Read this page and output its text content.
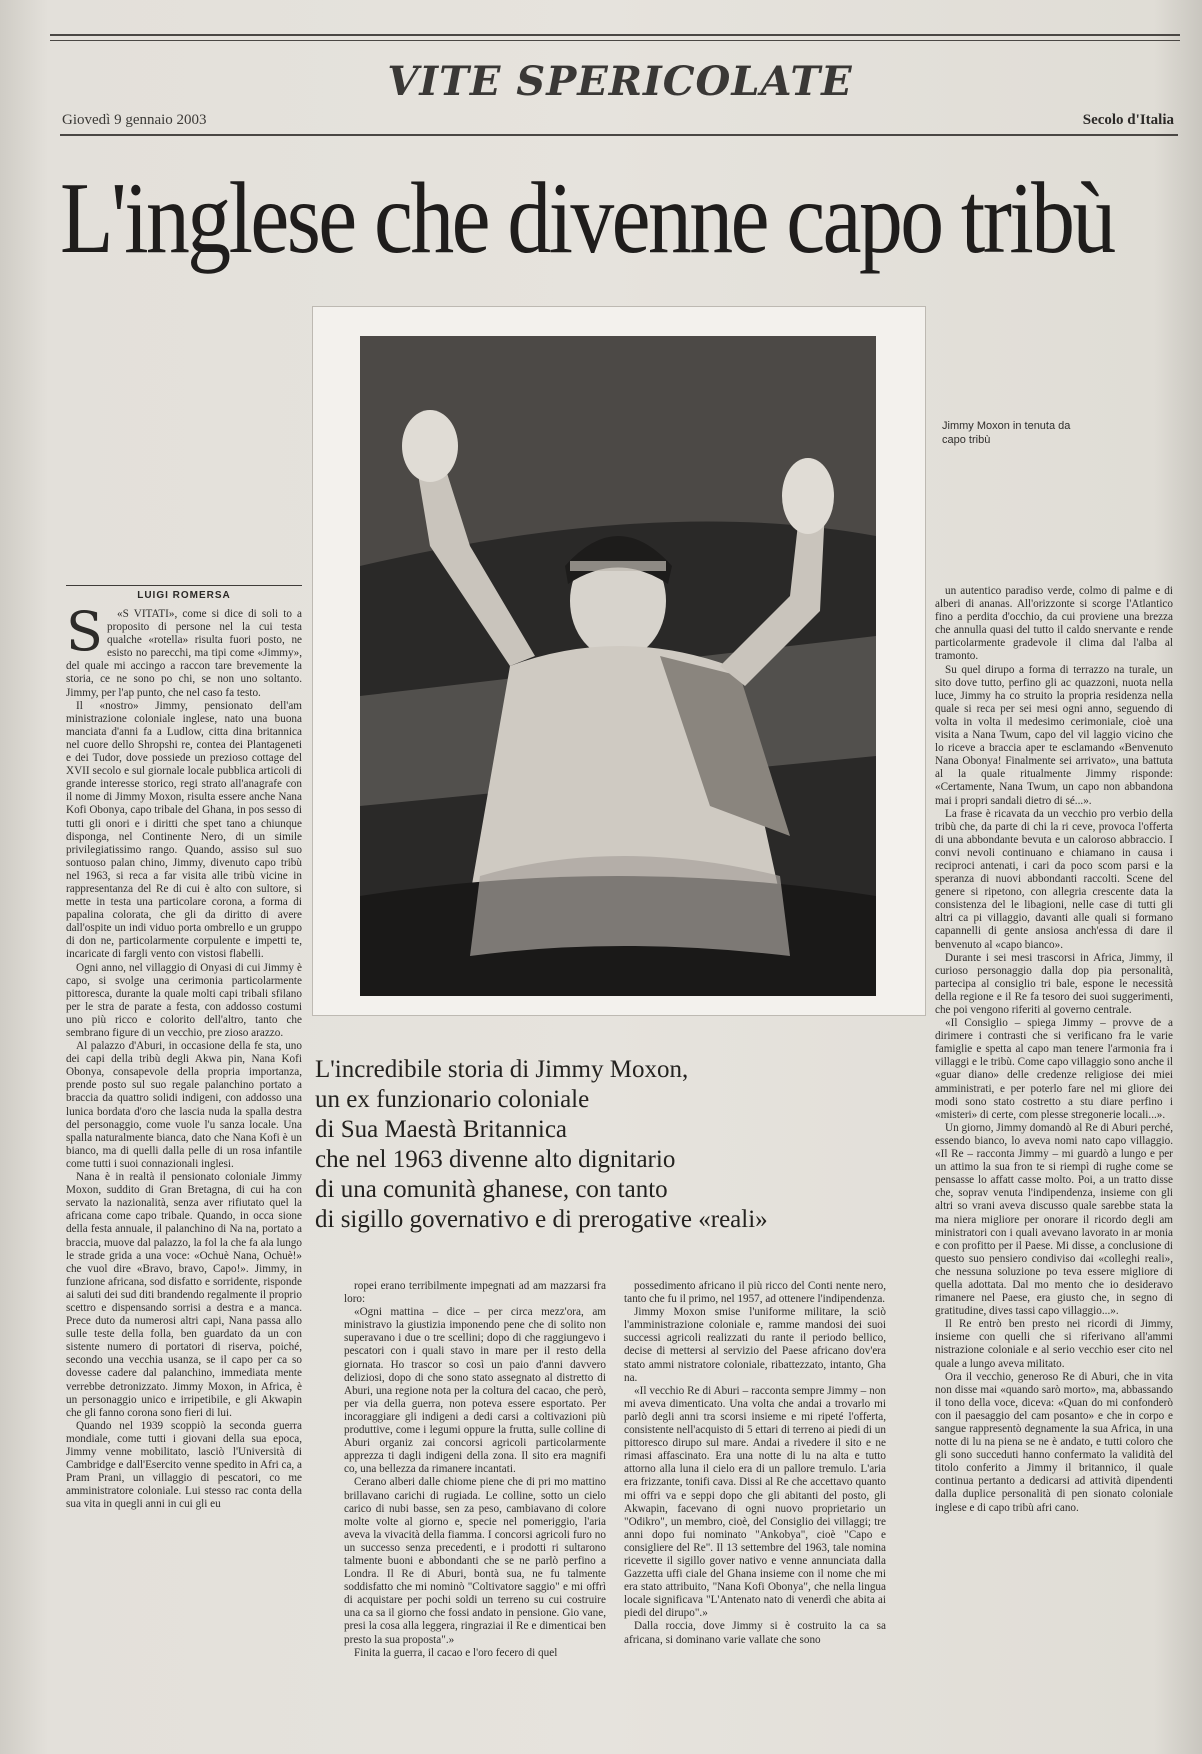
VITE SPERICOLATE
Giovedì 9 gennaio 2003	Secolo d'Italia
L'inglese che divenne capo tribù
Jimmy Moxon in tenuta da capo tribù
LUIGI ROMERSA
S	«S VITATI», come si dice di soli to a proposito di persone nel la cui testa qualche «rotella» risulta fuori posto, ne esisto no parecchi, ma tipi come «Jimmy», del quale mi accingo a raccon tare brevemente la storia, ce ne sono po chi, se non uno soltanto. Jimmy, per l'ap punto, che nel caso fa testo.

Il «nostro» Jimmy, pensionato dell'am ministrazione coloniale inglese, nato una buona manciata d'anni fa a Ludlow, citta dina britannica nel cuore dello Shropshi re, contea dei Plantageneti e dei Tudor, dove possiede un prezioso cottage del XVII secolo e sul giornale locale pubblica articoli di grande interesse storico, regi strato all'anagrafe con il nome di Jimmy Moxon, risulta essere anche Nana Kofi Obonya, capo tribale del Ghana, in pos sesso di tutti gli onori e i diritti che spet tano a chiunque disponga, nel Continente Nero, di un simile privilegiatissimo rango. Quando, assiso sul suo sontuoso palan chino, Jimmy, divenuto capo tribù nel 1963, si reca a far visita alle tribù vicine in rappresentanza del Re di cui è alto con sultore, si mette in testa una particolare corona, a forma di papalina colorata, che gli da diritto di avere dall'ospite un indi viduo porta ombrello e un gruppo di don ne, particolarmente corpulente e impetti te, incaricate di fargli vento con vistosi flabelli.

Ogni anno, nel villaggio di Onyasi di cui Jimmy è capo, si svolge una cerimonia particolarmente pittoresca, durante la quale molti capi tribali sfilano per le stra de parate a festa, con addosso costumi uno più ricco e colorito dell'altro, tanto che sembrano figure di un vecchio, pre zioso arazzo.

Al palazzo d'Aburi, in occasione della fe sta, uno dei capi della tribù degli Akwa pin, Nana Kofi Obonya, consapevole della propria importanza, prende posto sul suo regale palanchino portato a braccia da quattro solidi indigeni, con addosso una lunica bordata d'oro che lascia nuda la spalla destra del personaggio, come vuole l'u sanza locale. Una spalla naturalmente bianca, dato che Nana Kofi è un bianco, ma di quelli dalla pelle di un rosa infantile come tutti i suoi connazionali inglesi.

Nana è in realtà il pensionato coloniale Jimmy Moxon, suddito di Gran Bretagna, di cui ha con servato la nazionalità, senza aver rifiutato quel la africana come capo tribale. Quando, in occa sione della festa annuale, il palanchino di Na na, portato a braccia, muove dal palazzo, la fol la che fa ala lungo le strade grida a una voce: «Ochuè Nana, Ochuè!» che vuol dire «Bravo, bravo, Capo!». Jimmy, in funzione africana, sod disfatto e sorridente, risponde ai saluti dei sud diti brandendo regalmente il proprio scettro e dispensando sorrisi a destra e a manca. Prece duto da numerosi altri capi, Nana passa allo sulle teste della folla, ben guardato da un con sistente numero di portatori di riserva, poiché, secondo una vecchia usanza, se il capo per ca so dovesse cadere dal palanchino, immediata mente verrebbe detronizzato. Jimmy Moxon, in Africa, è un personaggio unico e irripetibile, e gli Akwapin che gli fanno corona sono fieri di lui.

Quando nel 1939 scoppiò la seconda guerra mondiale, come tutti i giovani della sua epoca, Jimmy venne mobilitato, lasciò l'Università di Cambridge e dall'Esercito venne spedito in Afri ca, a Pram Prani, un villaggio di pescatori, co me amministratore coloniale. Lui stesso rac conta della sua vita in quegli anni in cui gli eu

L'incredibile storia di Jimmy Moxon,
un ex funzionario coloniale
di Sua Maestà Britannica
che nel 1963 divenne alto dignitario
di una comunità ghanese, con tanto
di sigillo governativo e di prerogative «reali»

ropei erano terribilmente impegnati ad am mazzarsi fra loro:

«Ogni mattina – dice – per circa mezz'ora, am ministravo la giustizia imponendo pene che di solito non superavano i due o tre scellini; dopo di che raggiungevo i pescatori con i quali stavo in mare per il resto della giornata. Ho trascor so così un paio d'anni davvero deliziosi, dopo di che sono stato assegnato al distretto di Aburi, una regione nota per la coltura del cacao, che però, per via della guerra, non poteva essere esportato. Per incoraggiare gli indigeni a dedi carsi a coltivazioni più produttive, come i legumi oppure la frutta, sulle colline di Aburi organiz zai concorsi agricoli particolarmente apprezza ti dagli indigeni della zona. Il sito era magnifi co, una bellezza da rimanere incantati.

Cerano alberi dalle chiome piene che di pri mo mattino brillavano carichi di rugiada. Le colline, sotto un cielo carico di nubi basse, sen za peso, cambiavano di colore molte volte al giorno e, specie nel pomeriggio, l'aria aveva la vivacità della fiamma. I concorsi agricoli furo no un successo senza precedenti, e i prodotti ri sultarono talmente buoni e abbondanti che se ne parlò perfino a Londra. Il Re di Aburi, bontà sua, ne fu talmente soddisfatto che mi nominò "Coltivatore saggio" e mi offrì di acquistare per pochi soldi un terreno su cui costruire una ca sa il giorno che fossi andato in pensione. Gio vane, presi la cosa alla leggera, ringraziai il Re e dimenticai ben presto la sua proposta".»

Finita la guerra, il cacao e l'oro fecero di quel

possedimento africano il più ricco del Conti nente nero, tanto che fu il primo, nel 1957, ad ottenere l'indipendenza.

Jimmy Moxon smise l'uniforme militare, la sciò l'amministrazione coloniale e, ramme mandosi dei suoi successi agricoli realizzati du rante il periodo bellico, decise di mettersi al servizio del Paese africano dov'era stato ammi nistratore coloniale, ribattezzato, intanto, Gha na.

«Il vecchio Re di Aburi – racconta sempre Jimmy – non mi aveva dimenticato. Una volta che andai a trovarlo mi parlò degli anni tra scorsi insieme e mi ripeté l'offerta, consistente nell'acquisto di 5 ettari di terreno ai piedi di un pittoresco dirupo sul mare. Andai a rivedere il sito e ne rimasi affascinato. Era una notte di lu na alta e tutto attorno alla luna il cielo era di un pallore tremulo. L'aria era frizzante, tonifi cava. Dissi al Re che accettavo quanto mi offri va e seppi dopo che gli abitanti del posto, gli Akwapin, facevano di ogni nuovo proprietario un "Odikro", un membro, cioè, del Consiglio dei villaggi; tre anni dopo fui nominato "Ankobya", cioè "Capo e consigliere del Re". Il 13 settembre del 1963, tale nomina ricevette il sigillo gover nativo e venne annunciata dalla Gazzetta uffi ciale del Ghana insieme con il nome che mi era stato attribuito, "Nana Kofi Obonya", che nella lingua locale significava "L'Antenato nato di venerdì che abita ai piedi del dirupo".»

Dalla roccia, dove Jimmy si è costruito la ca sa africana, si dominano varie vallate che sono

un autentico paradiso verde, colmo di palme e di alberi di ananas. All'orizzonte si scorge l'Atlantico fino a perdita d'occhio, da cui proviene una brezza che annulla quasi del tutto il caldo snervante e rende particolarmente gradevole il clima dal l'alba al tramonto.

Su quel dirupo a forma di terrazzo na turale, un sito dove tutto, perfino gli ac quazzoni, nuota nella luce, Jimmy ha co struito la propria residenza nella quale si reca per sei mesi ogni anno, seguendo di volta in volta il medesimo cerimoniale, cioè una visita a Nana Twum, capo del vil laggio vicino che lo riceve a braccia aper te esclamando «Benvenuto Nana Obonya! Finalmente sei arrivato», una battuta al la quale ritualmente Jimmy risponde: «Certamente, Nana Twum, un capo non abbandona mai i propri sandali dietro di sé...».

La frase è ricavata da un vecchio pro verbio della tribù che, da parte di chi la ri ceve, provoca l'offerta di una abbondante bevuta e un caloroso abbraccio. I convi nevoli continuano e chiamano in causa i reciproci antenati, i cari da poco scom parsi e la speranza di nuovi abbondanti raccolti. Scene del genere si ripetono, con allegria crescente data la consistenza del le libagioni, nelle case di tutti gli altri ca pi villaggio, davanti alle quali si formano capannelli di gente ansiosa anch'essa di dare il benvenuto al «capo bianco».

Durante i sei mesi trascorsi in Africa, Jimmy, il curioso personaggio dalla dop pia personalità, partecipa al consiglio tri bale, espone le necessità della regione e il Re fa tesoro dei suoi suggerimenti, che poi vengono riferiti al governo centrale.

«Il Consiglio – spiega Jimmy – provve de a dirimere i contrasti che si verificano fra le varie famiglie e spetta al capo man tenere l'armonia fra i villaggi e le tribù. Come capo villaggio sono anche il «guar diano» delle credenze religiose dei miei amministrati, e per poterlo fare nel mi gliore dei modi sono stato costretto a stu diare perfino i «misteri» di certe, com plesse stregonerie locali...».

Un giorno, Jimmy domandò al Re di Aburi perché, essendo bianco, lo aveva nomi nato capo villaggio. «Il Re – racconta Jimmy – mi guardò a lungo e per un attimo la sua fron te si riempì di rughe come se pensasse lo affatt casse molto. Poi, a un tratto disse che, soprav venuta l'indipendenza, insieme con gli altri so vrani aveva discusso quale sarebbe stata la ma niera migliore per onorare il ricordo degli am ministratori con i quali avevano lavorato in ar monia e con profitto per il Paese. Mi disse, a conclusione di questo suo pensiero condiviso dai «colleghi reali», che nessuna soluzione po teva essere migliore di quella adottata. Dal mo mento che io desideravo rimanere nel Paese, era giusto che, in segno di gratitudine, dives tassi capo villaggio...».

Il Re entrò ben presto nei ricordi di Jimmy, insieme con quelli che si riferivano all'ammi nistrazione coloniale e al serio vecchio eser cito nel quale a lungo aveva militato.

Ora il vecchio, generoso Re di Aburi, che in vita non disse mai «quando sarò morto», ma, abbassando il tono della voce, diceva: «Quan do mi confonderò con il paesaggio del cam posanto» e che in corpo e sangue rappresentò degnamente la sua Africa, in una notte di lu na piena se ne è andato, e tutti coloro che gli sono succeduti hanno confermato la validità del titolo conferito a Jimmy il britannico, il quale continua pertanto a dedicarsi ad attività dipendenti dalla duplice personalità di pen sionato coloniale inglese e di capo tribù afri cano.
